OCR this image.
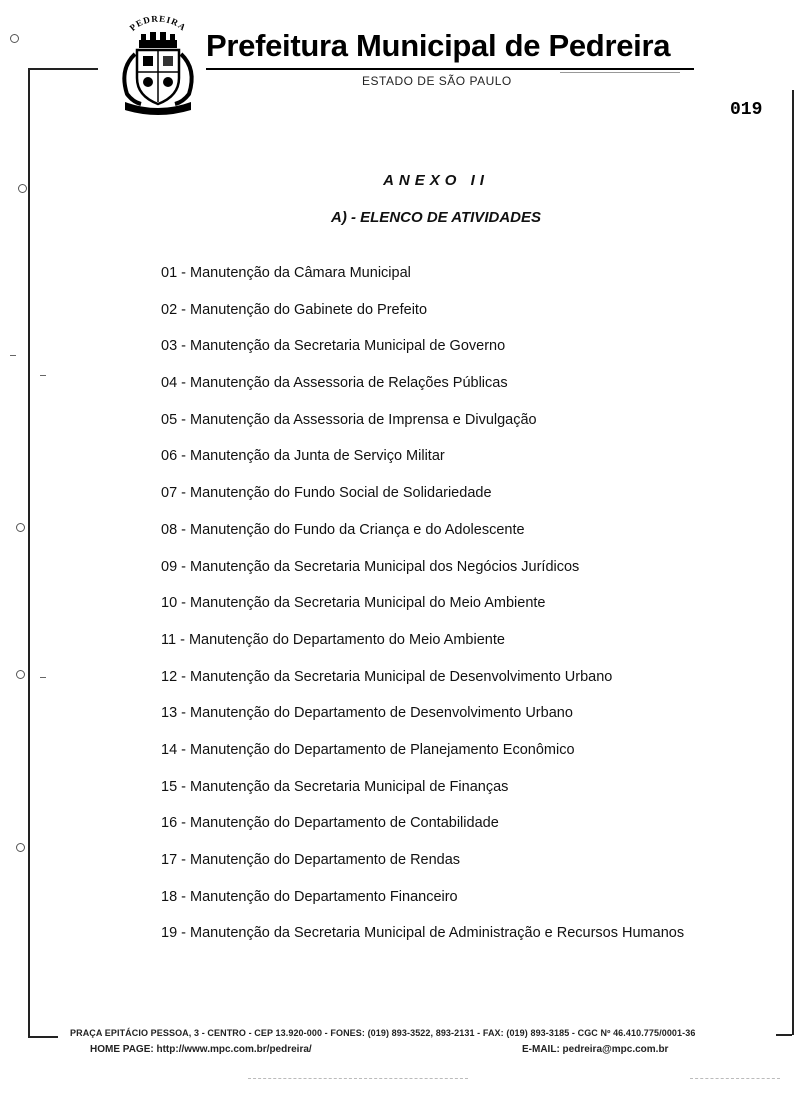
PEDREIRA
Prefeitura Municipal de Pedreira
ESTADO DE SÃO PAULO
019
ANEXO II
A) - ELENCO DE ATIVIDADES
01 - Manutenção da Câmara Municipal
02 - Manutenção do Gabinete do Prefeito
03 - Manutenção da Secretaria Municipal de Governo
04 - Manutenção da Assessoria de Relações Públicas
05 - Manutenção da Assessoria de Imprensa e Divulgação
06 - Manutenção da Junta de Serviço Militar
07 - Manutenção do Fundo Social de Solidariedade
08 - Manutenção do Fundo da Criança e do Adolescente
09 - Manutenção da Secretaria Municipal dos Negócios Jurídicos
10 - Manutenção da Secretaria Municipal do Meio Ambiente
11 - Manutenção do Departamento do Meio Ambiente
12 - Manutenção da Secretaria Municipal de Desenvolvimento Urbano
13 - Manutenção do Departamento de Desenvolvimento Urbano
14 - Manutenção do Departamento de Planejamento Econômico
15 - Manutenção da Secretaria Municipal de Finanças
16 - Manutenção do Departamento de Contabilidade
17 - Manutenção do Departamento de Rendas
18 - Manutenção do Departamento Financeiro
19 - Manutenção da Secretaria Municipal de Administração e Recursos Humanos
PRAÇA EPITÁCIO PESSOA, 3 - CENTRO - CEP 13.920-000 - FONES: (019) 893-3522, 893-2131 - FAX: (019) 893-3185 - CGC Nº 46.410.775/0001-36
HOME PAGE: http://www.mpc.com.br/pedreira/	E-MAIL: pedreira@mpc.com.br
